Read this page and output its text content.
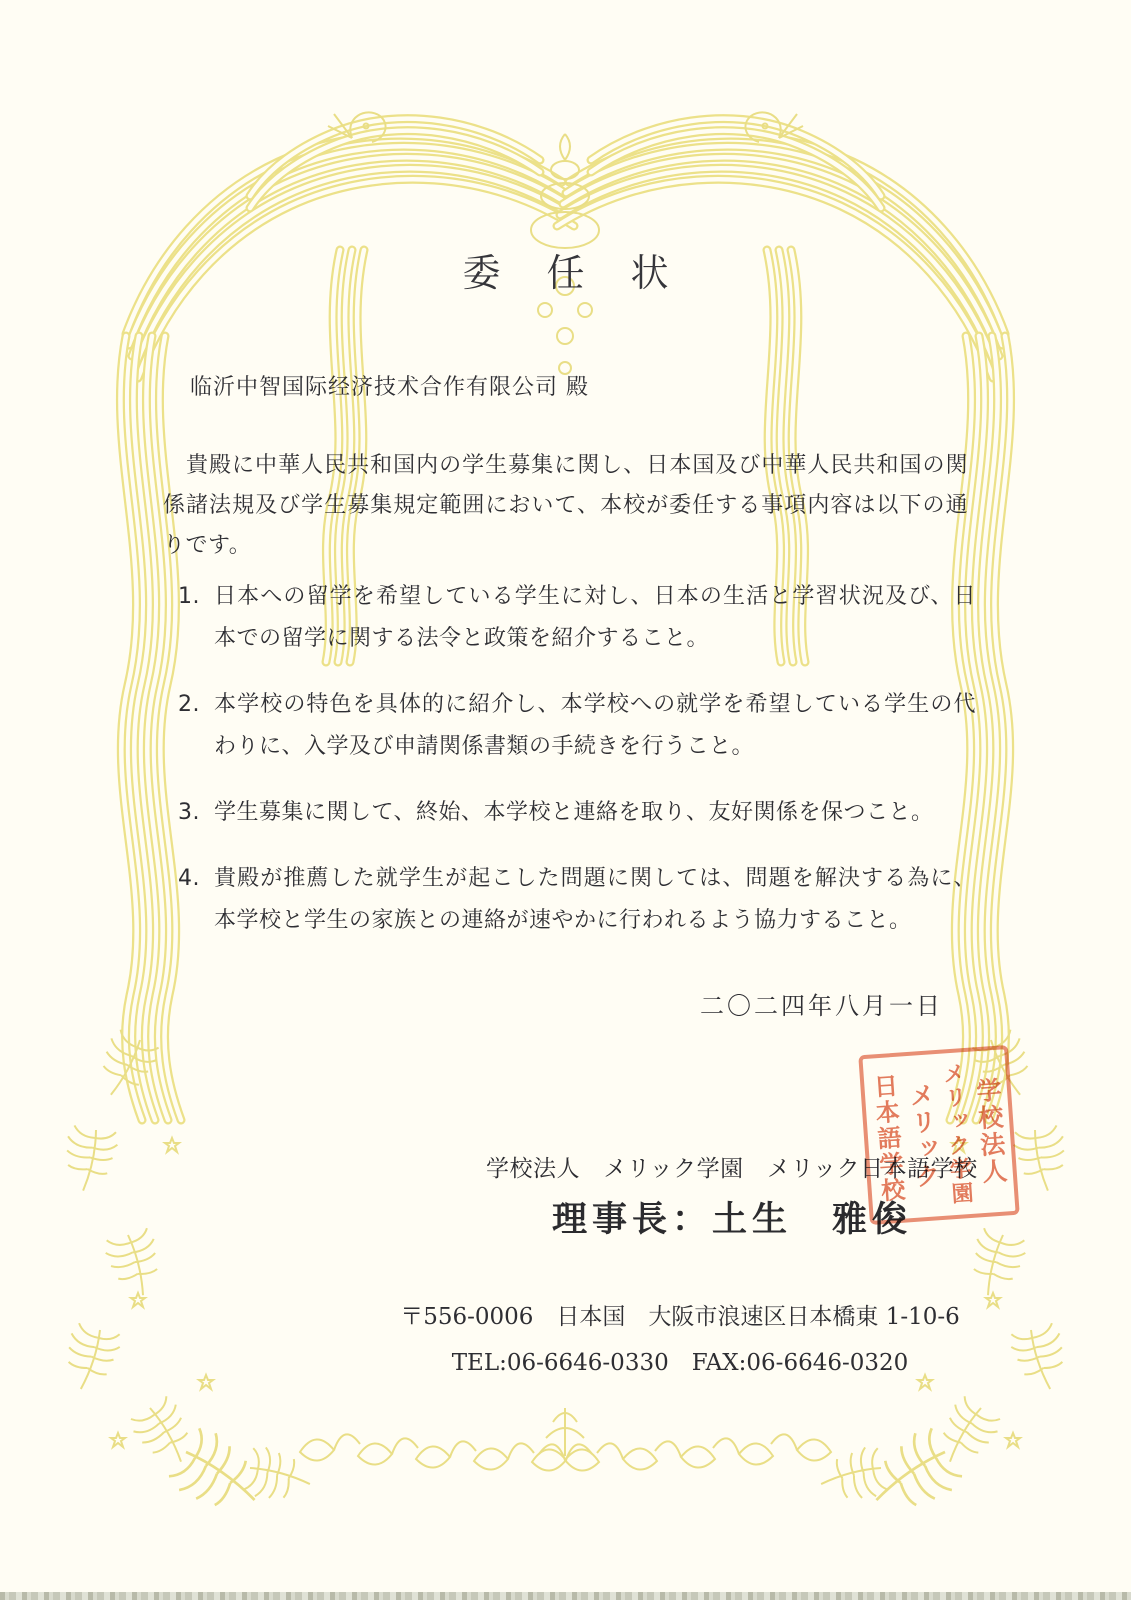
委任状
临沂中智国际经济技术合作有限公司 殿
　貴殿に中華人民共和国内の学生募集に関し、日本国及び中華人民共和国の関係諸法規及び学生募集規定範囲において、本校が委任する事項内容は以下の通りです。
1. 日本への留学を希望している学生に対し、日本の生活と学習状況及び、日本での留学に関する法令と政策を紹介すること。
2. 本学校の特色を具体的に紹介し、本学校への就学を希望している学生の代わりに、入学及び申請関係書類の手続きを行うこと。
3. 学生募集に関して、終始、本学校と連絡を取り、友好関係を保つこと。
4. 貴殿が推薦した就学生が起こした問題に関しては、問題を解決する為に、本学校と学生の家族との連絡が速やかに行われるよう協力すること。
二〇二四年八月一日
学校法人　メリック学園　メリック日本語学校
理事長：土生　雅俊
〒556-0006　日本国　大阪市浪速区日本橋東 1-10-6
TEL:06-6646-0330　FAX:06-6646-0320
学校法人
メリック学園
メリック
日本語学校
